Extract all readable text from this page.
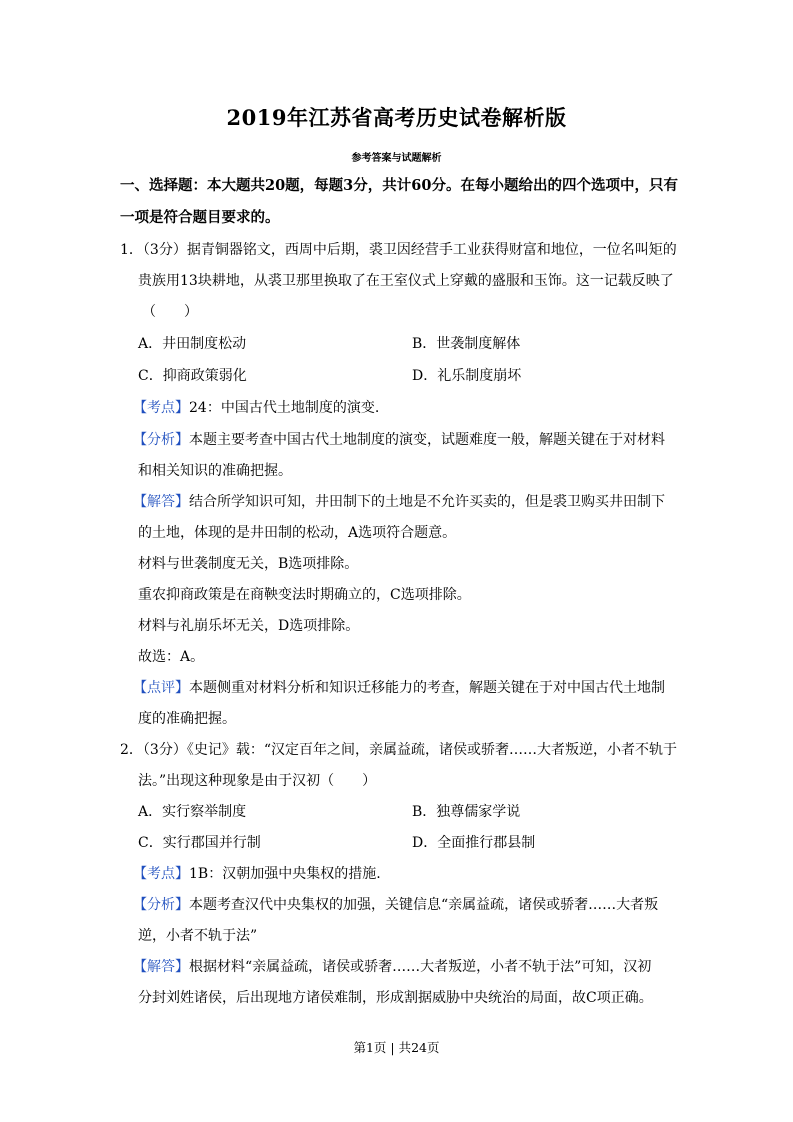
2019年江苏省高考历史试卷解析版
参考答案与试题解析
一、选择题：本大题共20题，每题3分，共计60分。在每小题给出的四个选项中，只有
一项是符合题目要求的。
1．（3分）据青铜器铭文，西周中后期，裘卫因经营手工业获得财富和地位，一位名叫矩的
贵族用13块耕地，从裘卫那里换取了在王室仪式上穿戴的盛服和玉饰。这一记载反映了
（　　）
A．井田制度松动	B．世袭制度解体
C．抑商政策弱化	D．礼乐制度崩坏
【考点】24：中国古代土地制度的演变.
【分析】本题主要考查中国古代土地制度的演变，试题难度一般，解题关键在于对材料
和相关知识的准确把握。
【解答】结合所学知识可知，井田制下的土地是不允许买卖的，但是裘卫购买井田制下
的土地，体现的是井田制的松动，A选项符合题意。
材料与世袭制度无关，B选项排除。
重农抑商政策是在商鞅变法时期确立的，C选项排除。
材料与礼崩乐坏无关，D选项排除。
故选：A。
【点评】本题侧重对材料分析和知识迁移能力的考查，解题关键在于对中国古代土地制
度的准确把握。
2．（3分）《史记》载：“汉定百年之间，亲属益疏，诸侯或骄奢……大者叛逆，小者不轨于
法。”出现这种现象是由于汉初（　　）
A．实行察举制度	B．独尊儒家学说
C．实行郡国并行制	D．全面推行郡县制
【考点】1B：汉朝加强中央集权的措施.
【分析】本题考查汉代中央集权的加强，关键信息“亲属益疏，诸侯或骄奢……大者叛
逆，小者不轨于法”
【解答】根据材料“亲属益疏，诸侯或骄奢……大者叛逆，小者不轨于法”可知，汉初
分封刘姓诸侯，后出现地方诸侯难制，形成割据威胁中央统治的局面，故C项正确。
第1页 | 共24页
